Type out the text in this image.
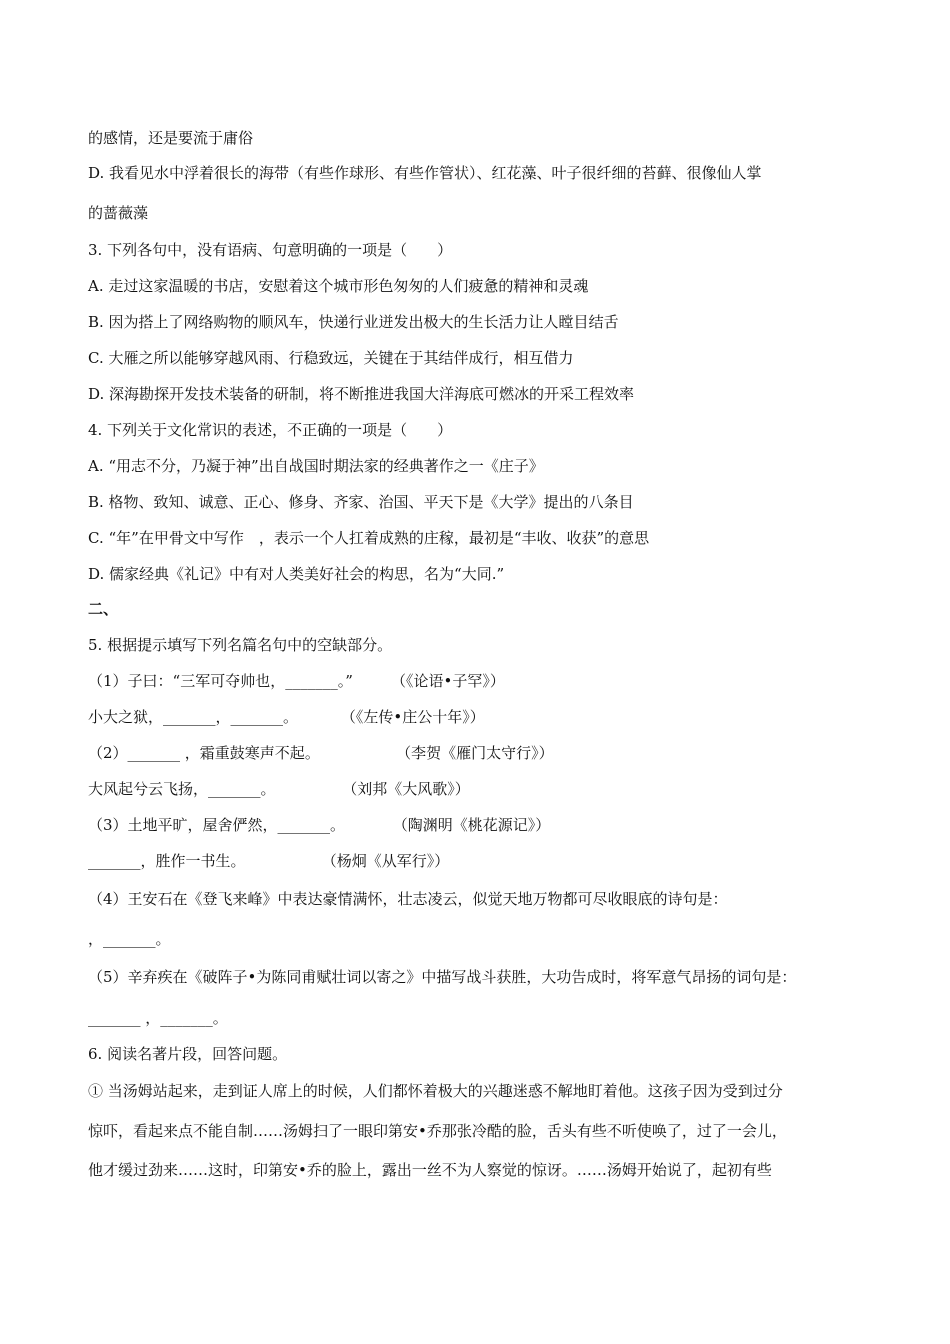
的感情，还是要流于庸俗
D. 我看见水中浮着很长的海带（有些作球形、有些作管状）、红花藻、叶子很纤细的苔藓、很像仙人掌
的蔷薇藻
3. 下列各句中，没有语病、句意明确的一项是（　　）
A. 走过这家温暖的书店，安慰着这个城市形色匆匆的人们疲惫的精神和灵魂
B. 因为搭上了网络购物的顺风车，快递行业迸发出极大的生长活力让人瞠目结舌
C. 大雁之所以能够穿越风雨、行稳致远，关键在于其结伴成行，相互借力
D. 深海勘探开发技术装备的研制，将不断推进我国大洋海底可燃冰的开采工程效率
4. 下列关于文化常识的表述，不正确的一项是（　　）
A. “用志不分，乃凝于神”出自战国时期法家的经典著作之一《庄子》
B. 格物、致知、诚意、正心、修身、齐家、治国、平天下是《大学》提出的八条目
C. “年”在甲骨文中写作　，表示一个人扛着成熟的庄稼，最初是“丰收、收获”的意思
D. 儒家经典《礼记》中有对人类美好社会的构思，名为“大同.”
二、
5. 根据提示填写下列名篇名句中的空缺部分。
（1）子曰：“三军可夺帅也，_______。”        （《论语•子罕》）
小大之狱，_______，_______。         （《左传•庄公十年》）
（2）_______ ，霜重鼓寒声不起。                （李贺《雁门太守行》）
大风起兮云飞扬，_______。              （刘邦《大风歌》）
（3）土地平旷，屋舍俨然，_______。          （陶渊明《桃花源记》）
_______，胜作一书生。                （杨炯《从军行》）
（4）王安石在《登飞来峰》中表达豪情满怀，壮志凌云，似觉天地万物都可尽收眼底的诗句是：
，_______。
（5）辛弃疾在《破阵子•为陈同甫赋壮词以寄之》中描写战斗获胜，大功告成时，将军意气昂扬的词句是：
_______ ，_______。
6. 阅读名著片段，回答问题。
① 当汤姆站起来，走到证人席上的时候，人们都怀着极大的兴趣迷惑不解地盯着他。这孩子因为受到过分
惊吓，看起来点不能自制……汤姆扫了一眼印第安•乔那张冷酷的脸，舌头有些不听使唤了，过了一会儿，
他才缓过劲来……这时，印第安•乔的脸上，露出一丝不为人察觉的惊讶。……汤姆开始说了，起初有些
